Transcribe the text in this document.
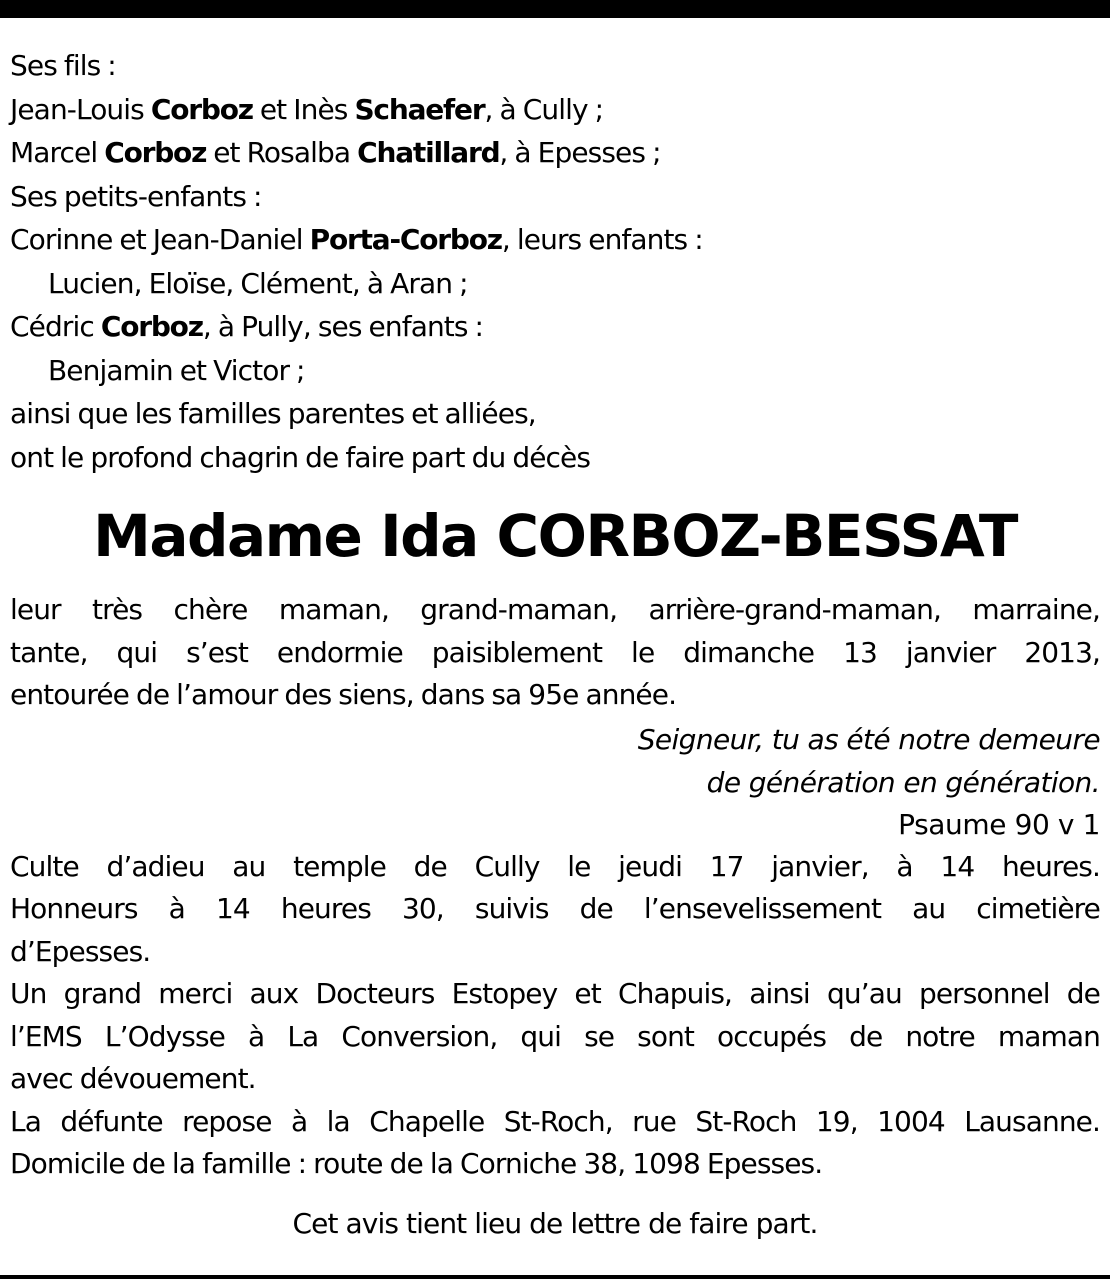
Ses fils :
Jean-Louis Corboz et Inès Schaefer, à Cully ;
Marcel Corboz et Rosalba Chatillard, à Epesses ;
Ses petits-enfants :
Corinne et Jean-Daniel Porta-Corboz, leurs enfants :
Lucien, Eloïse, Clément, à Aran ;
Cédric Corboz, à Pully, ses enfants :
Benjamin et Victor ;
ainsi que les familles parentes et alliées,
ont le profond chagrin de faire part du décès
Madame Ida CORBOZ-BESSAT
leur très chère maman, grand-maman, arrière-grand-maman, marraine,
tante, qui s’est endormie paisiblement le dimanche 13 janvier 2013,
entourée de l’amour des siens, dans sa 95e année.
Seigneur, tu as été notre demeure
de génération en génération.
Psaume 90 v 1
Culte d’adieu au temple de Cully le jeudi 17 janvier, à 14 heures.
Honneurs à 14 heures 30, suivis de l’ensevelissement au cimetière
d’Epesses.
Un grand merci aux Docteurs Estopey et Chapuis, ainsi qu’au personnel de
l’EMS L’Odysse à La Conversion, qui se sont occupés de notre maman
avec dévouement.
La défunte repose à la Chapelle St-Roch, rue St-Roch 19, 1004 Lausanne.
Domicile de la famille : route de la Corniche 38, 1098 Epesses.
Cet avis tient lieu de lettre de faire part.
